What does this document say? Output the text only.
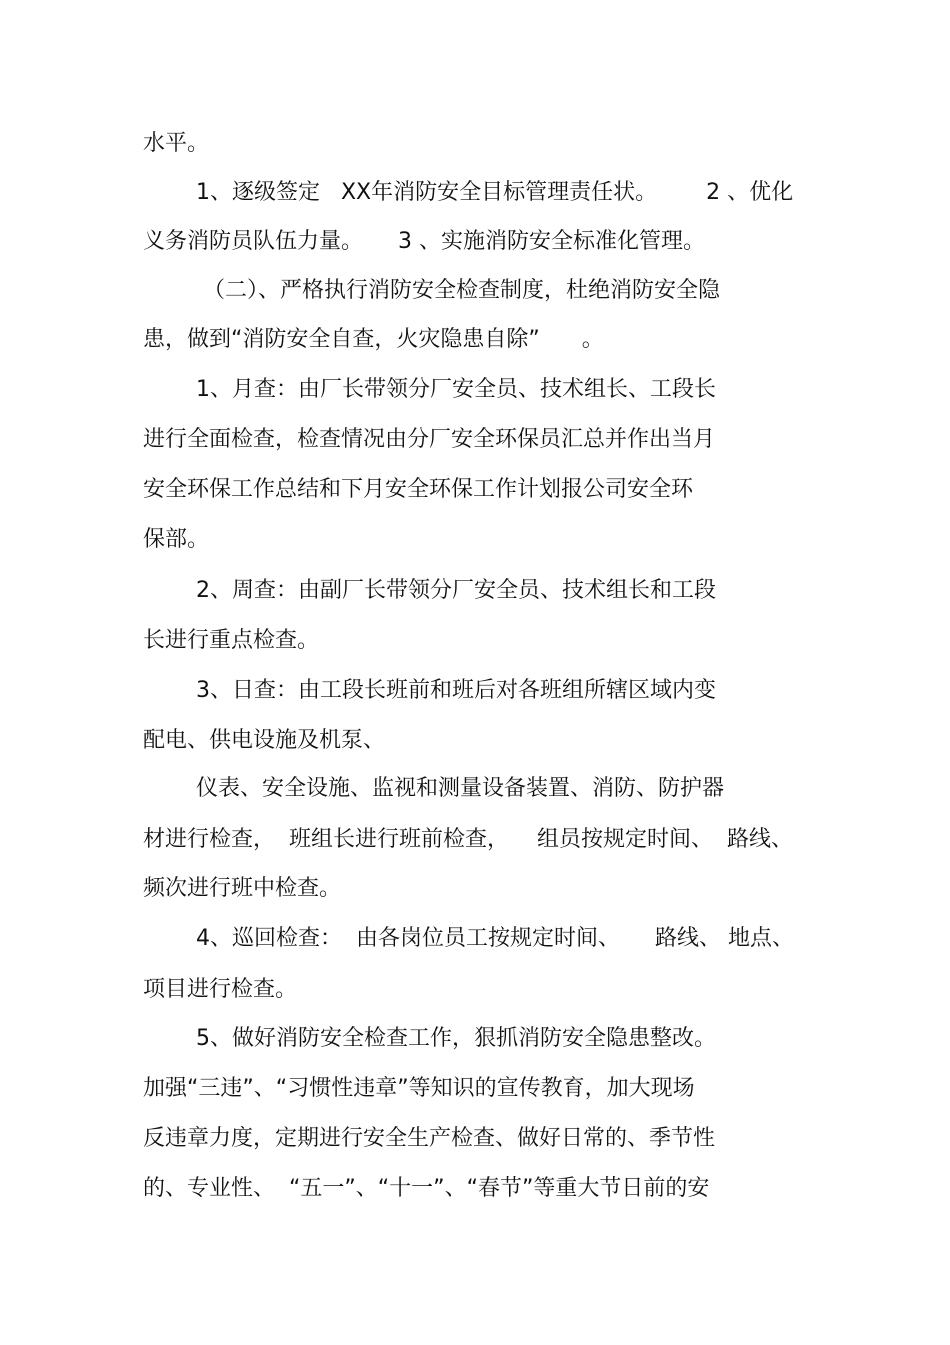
水平。
1、逐级签定   XX年消防安全目标管理责任状。       2 、优化
义务消防员队伍力量。     3 、实施消防安全标准化管理。
（二）、严格执行消防安全检查制度，杜绝消防安全隐
患，做到“消防安全自查，火灾隐患自除”      。
1、月查：由厂长带领分厂安全员、技术组长、工段长
进行全面检查，检查情况由分厂安全环保员汇总并作出当月
安全环保工作总结和下月安全环保工作计划报公司安全环
保部。
2、周查：由副厂长带领分厂安全员、技术组长和工段
长进行重点检查。
3、日查：由工段长班前和班后对各班组所辖区域内变
配电、供电设施及机泵、
仪表、安全设施、监视和测量设备装置、消防、防护器
材进行检查，  班组长进行班前检查，    组员按规定时间、  路线、
频次进行班中检查。
4、巡回检查：  由各岗位员工按规定时间、     路线、 地点、
项目进行检查。
5、做好消防安全检查工作，狠抓消防安全隐患整改。
加强“三违”、“习惯性违章”等知识的宣传教育，加大现场
反违章力度，定期进行安全生产检查、做好日常的、季节性
的、专业性、  “五一”、“十一”、“春节”等重大节日前的安
